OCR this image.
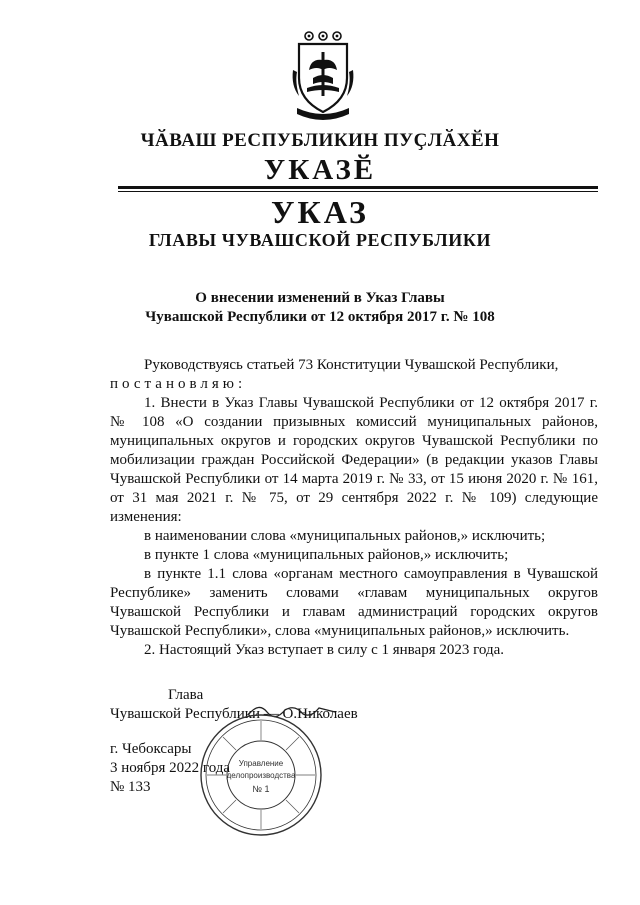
ЧӐВАШ РЕСПУБЛИКИН ПУҪЛӐХӖН
УКАЗӖ
УКАЗ
ГЛАВЫ ЧУВАШСКОЙ РЕСПУБЛИКИ
О внесении изменений в Указ Главы
Чувашской Республики от 12 октября 2017 г. № 108

Руководствуясь статьей 73 Конституции Чувашской Республики,

постановляю:

1. Внести в Указ Главы Чувашской Республики от 12 октября 2017 г. № 108 «О создании призывных комиссий муниципальных районов, муниципальных округов и городских округов Чувашской Республики по мобилизации граждан Российской Федерации» (в редакции указов Главы Чувашской Республики от 14 марта 2019 г. № 33, от 15 июня 2020 г. № 161, от 31 мая 2021 г. № 75, от 29 сентября 2022 г. № 109) следующие изменения:

в наименовании слова «муниципальных районов,» исключить;

в пункте 1 слова «муниципальных районов,» исключить;

в пункте 1.1 слова «органам местного самоуправления в Чувашской Республике» заменить словами «главам муниципальных округов Чувашской Республики и главам администраций городских округов Чувашской Республики», слова «муниципальных районов,» исключить.

2. Настоящий Указ вступает в силу с 1 января 2023 года.

Глава
Чувашской Республики — О.Николаев
г. Чебоксары
3 ноября 2022 года
№ 133
Управление
делопроизводства
№ 1
